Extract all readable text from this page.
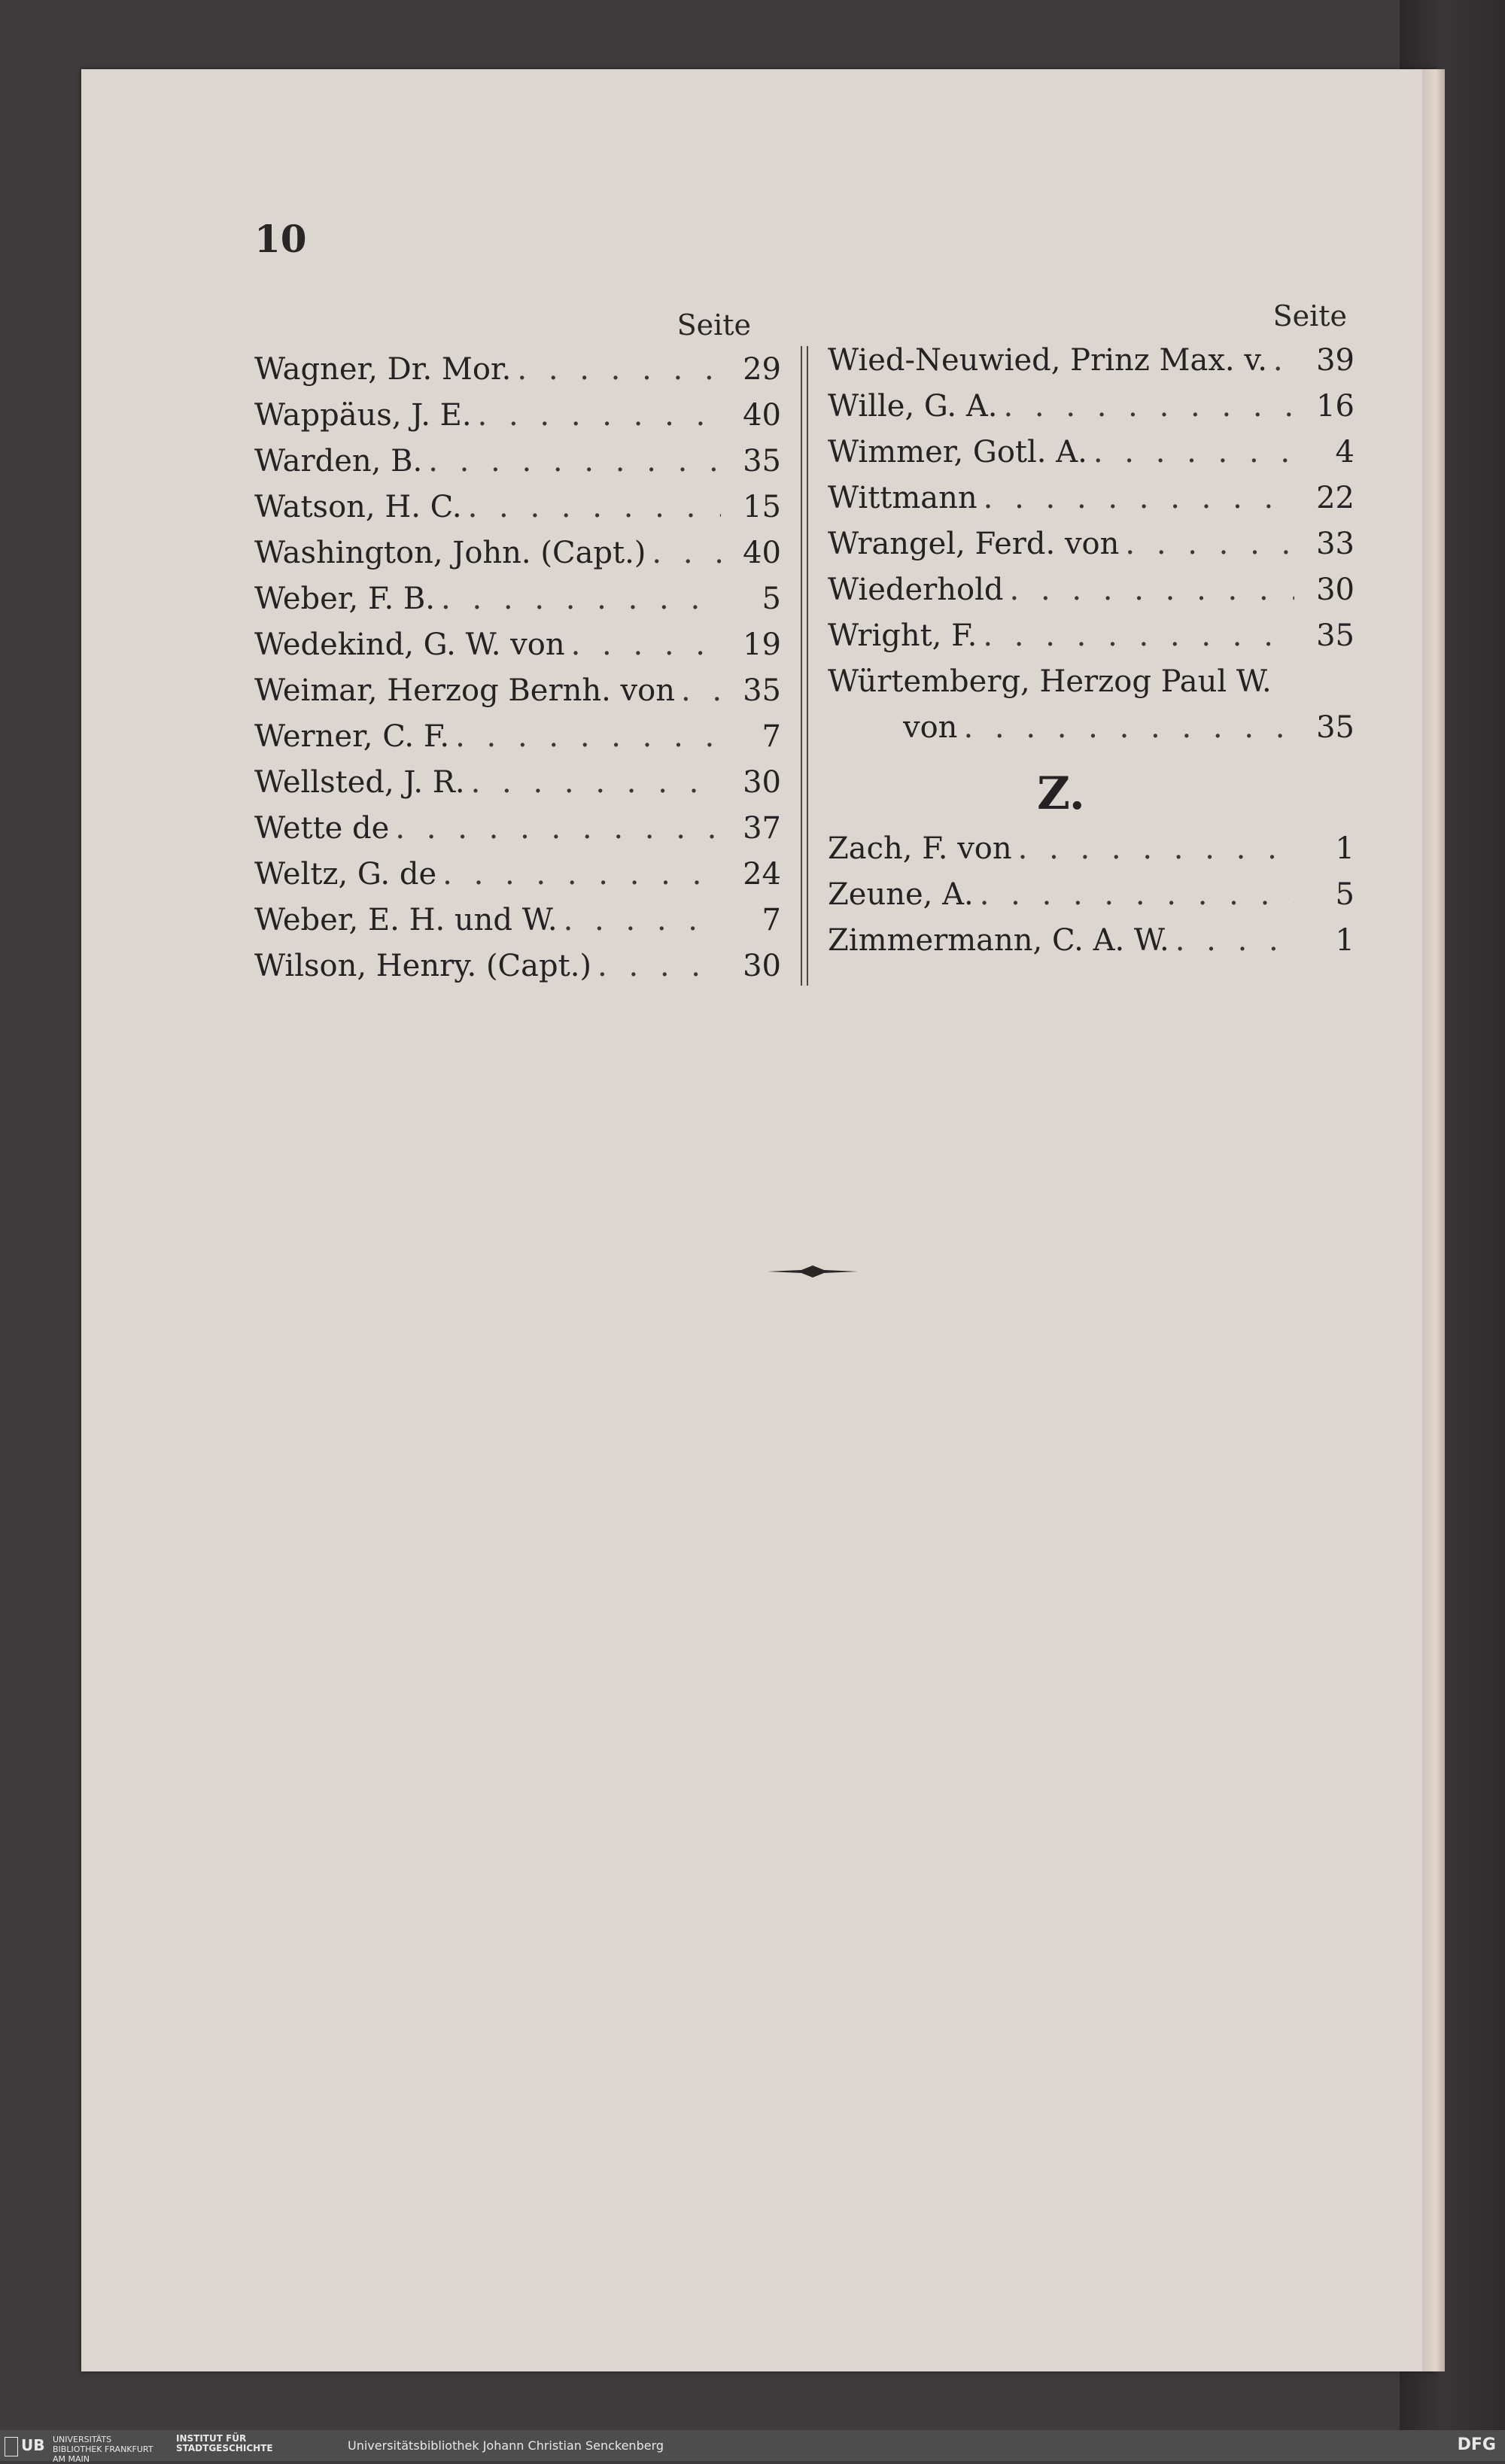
10
Seite
Wagner, Dr. Mor. . . .	29
Wappäus, J. E. . . .	40
Warden, B. . . .	35
Watson, H. C. . . .	15
Washington, John. (Capt.) . . .	40
Weber, F. B. . . .	5
Wedekind, G. W. von . . .	19
Weimar, Herzog Bernh. von . . .	35
Werner, C. F. . . .	7
Wellsted, J. R. . . .	30
Wette de . . .	37
Weltz, G. de . . .	24
Weber, E. H. und W. . . .	7
Wilson, Henry. (Capt.) . . .	30
Seite
Wied-Neuwied, Prinz Max. v. . . .	39
Wille, G. A. . . .	16
Wimmer, Gotl. A. . . .	4
Wittmann . . .	22
Wrangel, Ferd. von . . .	33
Wiederhold . . .	30
Wright, F. . . .	35
Würtemberg, Herzog Paul W.
von . . .	35
Z.
Zach, F. von . . .	1
Zeune, A. . . .	5
Zimmermann, C. A. W. . . .	1
UB UNIVERSITÄTS BIBLIOTHEK FRANKFURT AM MAIN
INSTITUT FÜR STADTGESCHICHTE	Universitätsbibliothek Johann Christian Senckenberg	DFG
